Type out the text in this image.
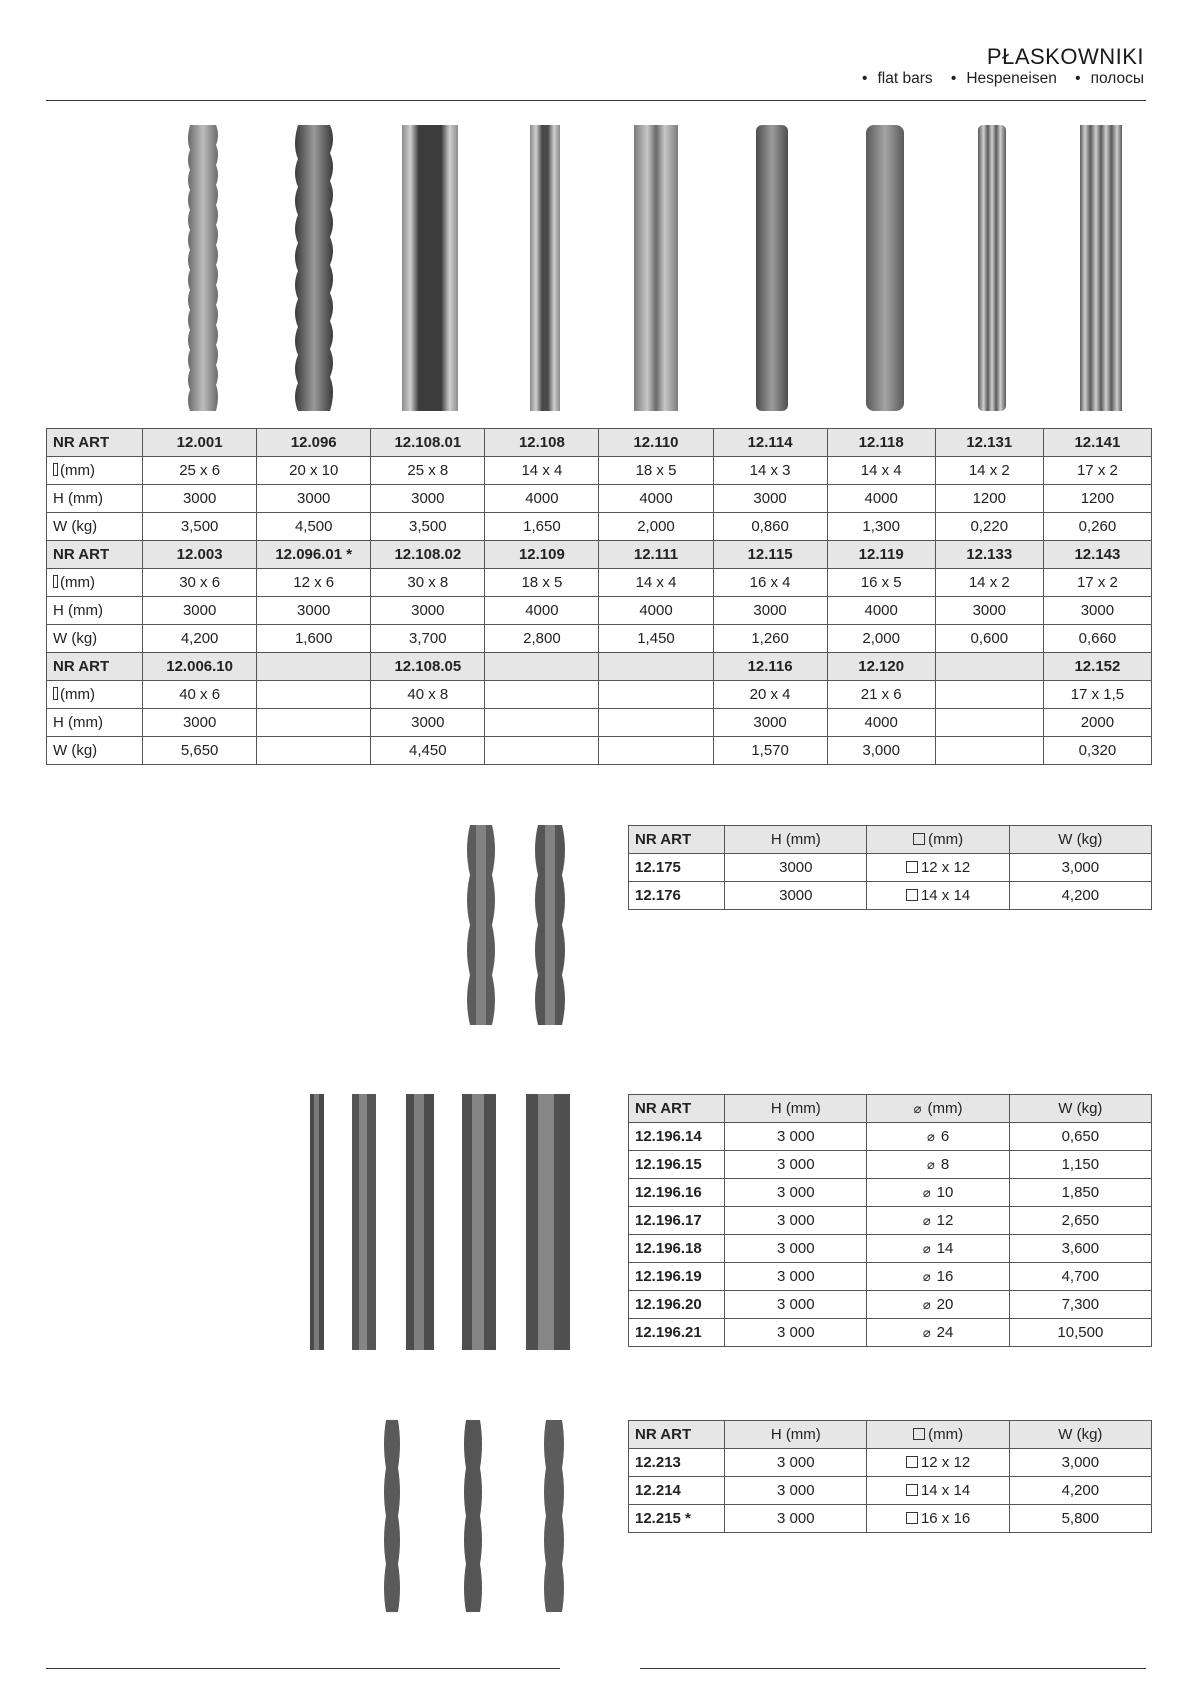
PŁASKOWNIKI
• flat bars • Hespeneisen • полосы
NR ART	12.001	12.096	12.108.01	12.108	12.110	12.114	12.118	12.131	12.141
(mm)	25 x 6	20 x 10	25 x 8	14 x 4	18 x 5	14 x 3	14 x 4	14 x 2	17 x 2
H (mm)	3000	3000	3000	4000	4000	3000	4000	1200	1200
W (kg)	3,500	4,500	3,500	1,650	2,000	0,860	1,300	0,220	0,260
NR ART	12.003	12.096.01 *	12.108.02	12.109	12.111	12.115	12.119	12.133	12.143
(mm)	30 x 6	12 x 6	30 x 8	18 x 5	14 x 4	16 x 4	16 x 5	14 x 2	17 x 2
H (mm)	3000	3000	3000	4000	4000	3000	4000	3000	3000
W (kg)	4,200	1,600	3,700	2,800	1,450	1,260	2,000	0,600	0,660
NR ART	12.006.10		12.108.05			12.116	12.120		12.152
(mm)	40 x 6		40 x 8			20 x 4	21 x 6		17 x 1,5
H (mm)	3000		3000			3000	4000		2000
W (kg)	5,650		4,450			1,570	3,000		0,320
NR ART	H (mm)	(mm)	W (kg)
12.175	3000	12 x 12	3,000
12.176	3000	14 x 14	4,200
NR ART	H (mm)	⌀ (mm)	W (kg)
12.196.14	3 000	⌀ 6	0,650
12.196.15	3 000	⌀ 8	1,150
12.196.16	3 000	⌀ 10	1,850
12.196.17	3 000	⌀ 12	2,650
12.196.18	3 000	⌀ 14	3,600
12.196.19	3 000	⌀ 16	4,700
12.196.20	3 000	⌀ 20	7,300
12.196.21	3 000	⌀ 24	10,500
NR ART	H (mm)	(mm)	W (kg)
12.213	3 000	12 x 12	3,000
12.214	3 000	14 x 14	4,200
12.215 *	3 000	16 x 16	5,800
